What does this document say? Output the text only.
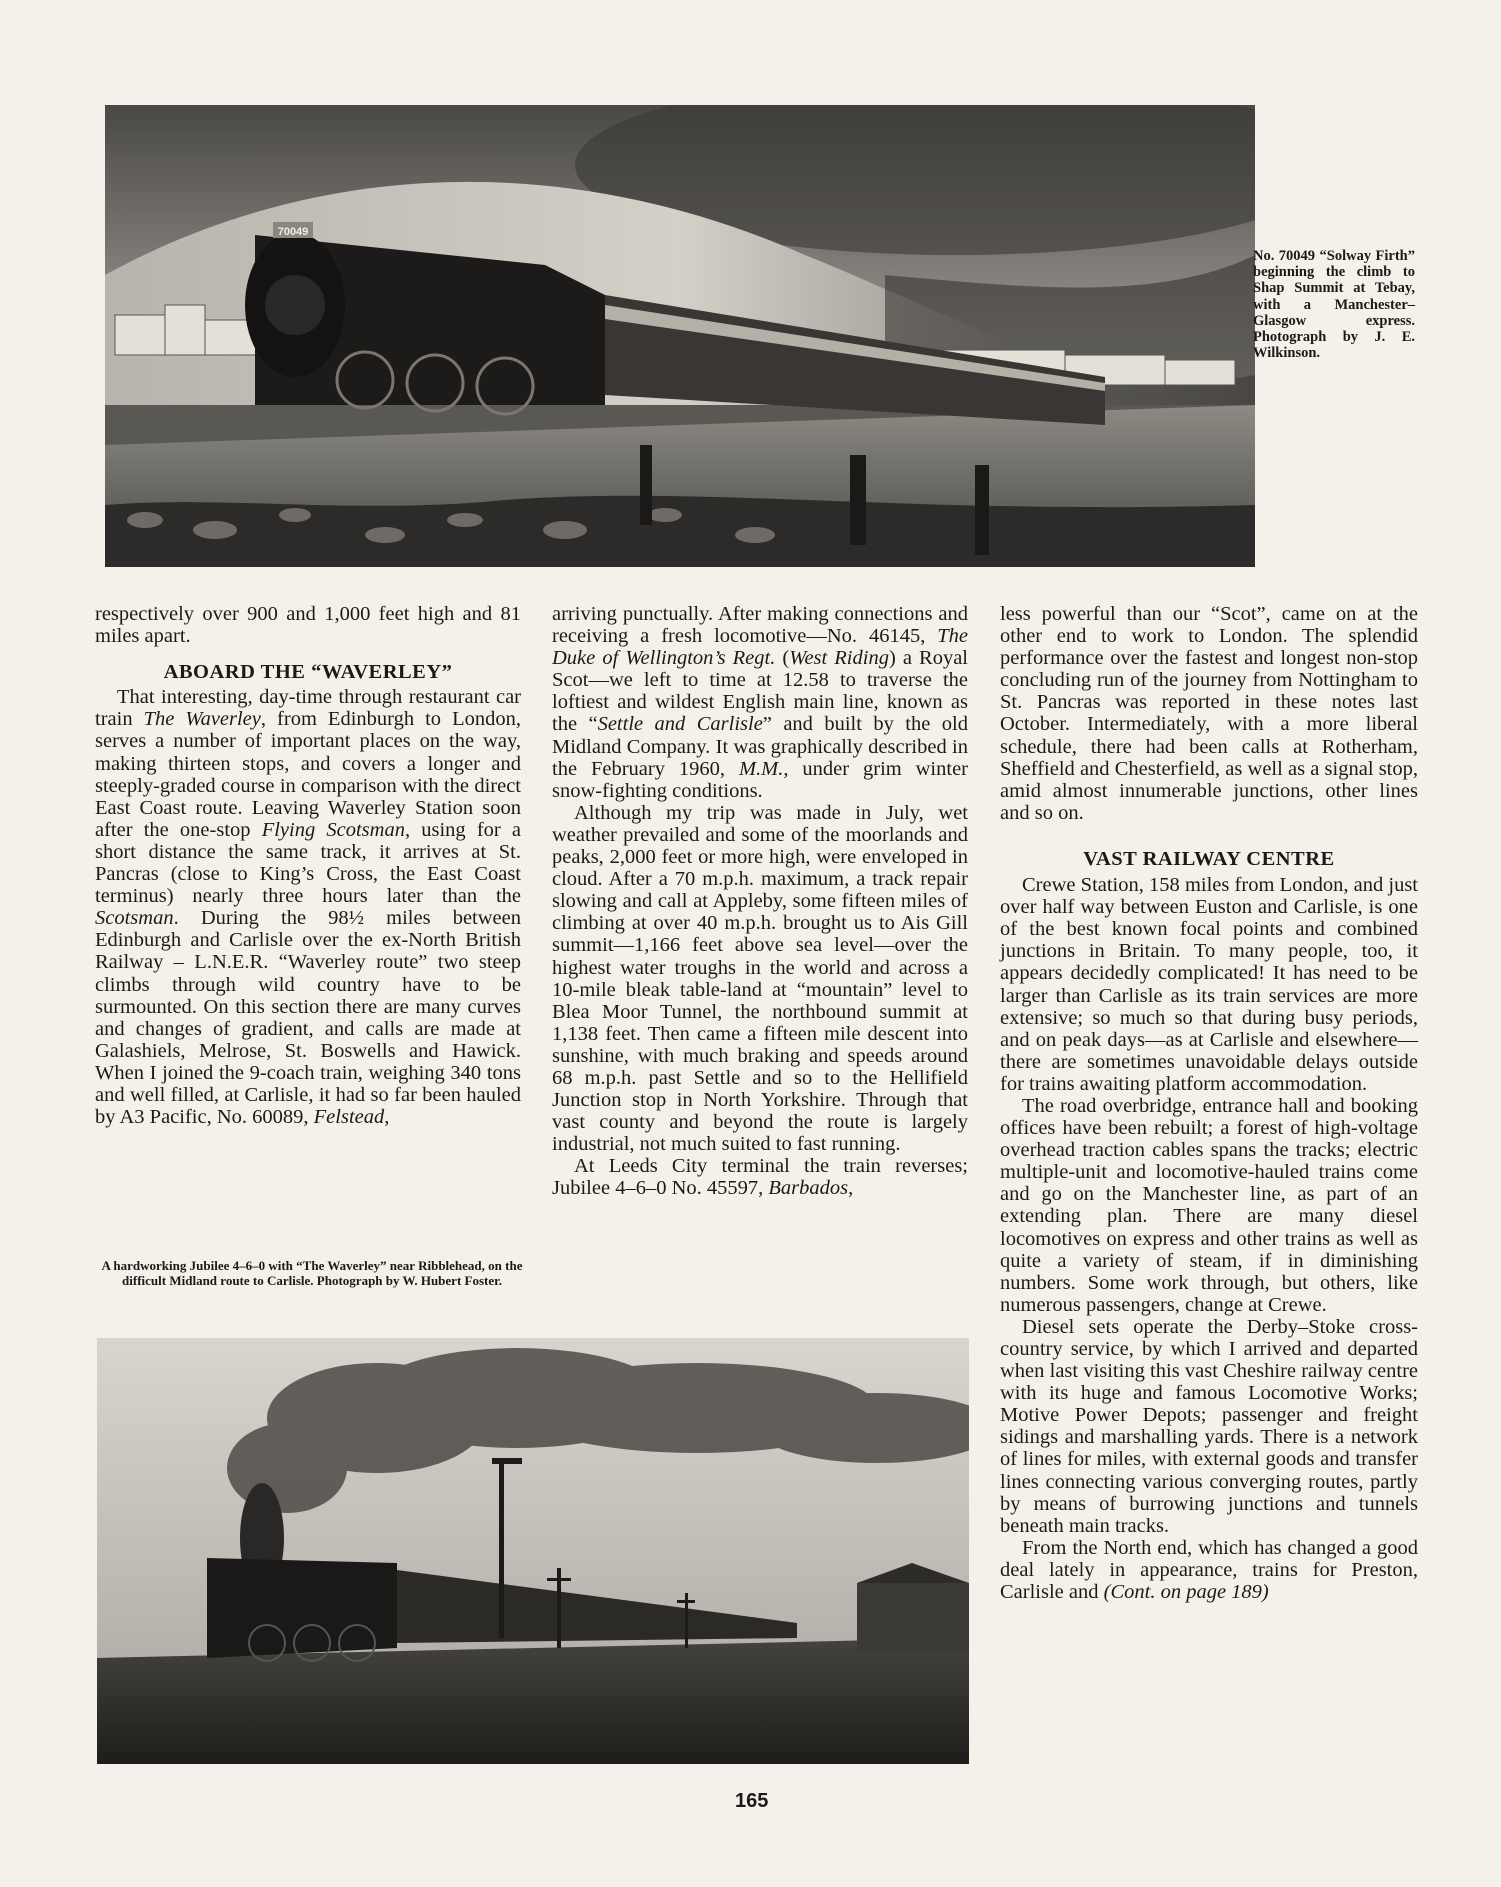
70049
No. 70049 “Solway Firth” beginning the climb to Shap Summit at Tebay, with a Manchester–Glasgow express. Photograph by J. E. Wilkinson.

respectively over 900 and 1,000 feet high and 81 miles apart.

ABOARD THE “WAVERLEY”

That interesting, day-time through restaurant car train The Waverley, from Edinburgh to London, serves a number of important places on the way, making thirteen stops, and covers a longer and steeply-graded course in comparison with the direct East Coast route. Leaving Waverley Station soon after the one-stop Flying Scotsman, using for a short distance the same track, it arrives at St. Pancras (close to King’s Cross, the East Coast terminus) nearly three hours later than the Scotsman. During the 98½ miles between Edinburgh and Carlisle over the ex-North British Railway – L.N.E.R. “Waverley route” two steep climbs through wild country have to be surmounted. On this section there are many curves and changes of gradient, and calls are made at Galashiels, Melrose, St. Boswells and Hawick. When I joined the 9-coach train, weighing 340 tons and well filled, at Carlisle, it had so far been hauled by A3 Pacific, No. 60089, Felstead,

A hardworking Jubilee 4–6–0 with “The Waverley” near Ribblehead, on the difficult Midland route to Carlisle. Photograph by W. Hubert Foster.

arriving punctually. After making connections and receiving a fresh locomotive—No. 46145, The Duke of Wellington’s Regt. (West Riding) a Royal Scot—we left to time at 12.58 to traverse the loftiest and wildest English main line, known as the “Settle and Carlisle” and built by the old Midland Company. It was graphically described in the February 1960, M.M., under grim winter snow-fighting conditions.

Although my trip was made in July, wet weather prevailed and some of the moorlands and peaks, 2,000 feet or more high, were enveloped in cloud. After a 70 m.p.h. maximum, a track repair slowing and call at Appleby, some fifteen miles of climbing at over 40 m.p.h. brought us to Ais Gill summit—1,166 feet above sea level—over the highest water troughs in the world and across a 10-mile bleak table-land at “mountain” level to Blea Moor Tunnel, the northbound summit at 1,138 feet. Then came a fifteen mile descent into sunshine, with much braking and speeds around 68 m.p.h. past Settle and so to the Hellifield Junction stop in North Yorkshire. Through that vast county and beyond the route is largely industrial, not much suited to fast running.

At Leeds City terminal the train reverses; Jubilee 4–6–0 No. 45597, Barbados,

less powerful than our “Scot”, came on at the other end to work to London. The splendid performance over the fastest and longest non-stop concluding run of the journey from Nottingham to St. Pancras was reported in these notes last October. Intermediately, with a more liberal schedule, there had been calls at Rotherham, Sheffield and Chesterfield, as well as a signal stop, amid almost innumerable junctions, other lines and so on.

VAST RAILWAY CENTRE

Crewe Station, 158 miles from London, and just over half way between Euston and Carlisle, is one of the best known focal points and combined junctions in Britain. To many people, too, it appears decidedly complicated! It has need to be larger than Carlisle as its train services are more extensive; so much so that during busy periods, and on peak days—as at Carlisle and elsewhere—there are sometimes unavoidable delays outside for trains awaiting platform accommodation.

The road overbridge, entrance hall and booking offices have been rebuilt; a forest of high-voltage overhead traction cables spans the tracks; electric multiple-unit and locomotive-hauled trains come and go on the Manchester line, as part of an extending plan. There are many diesel locomotives on express and other trains as well as quite a variety of steam, if in diminishing numbers. Some work through, but others, like numerous passengers, change at Crewe.

Diesel sets operate the Derby–Stoke cross-country service, by which I arrived and departed when last visiting this vast Cheshire railway centre with its huge and famous Locomotive Works; Motive Power Depots; passenger and freight sidings and marshalling yards. There is a network of lines for miles, with external goods and transfer lines connecting various converging routes, partly by means of burrowing junctions and tunnels beneath main tracks.

From the North end, which has changed a good deal lately in appearance, trains for Preston, Carlisle and (Cont. on page 189)

165
